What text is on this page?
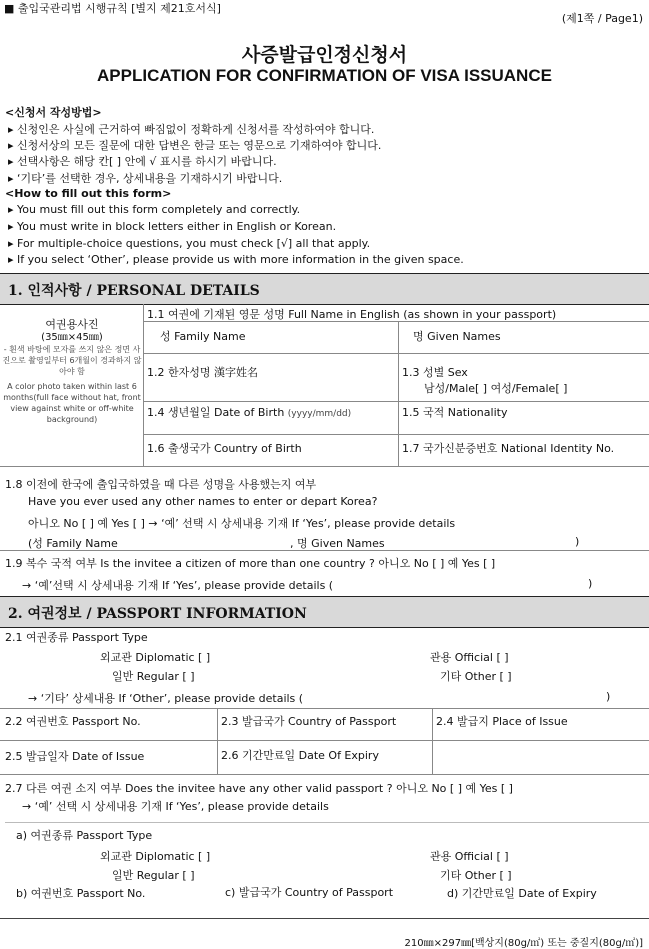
■ 출입국관리법 시행규칙 [별지 제21호서식]
(제1쪽 / Page1)
사증발급인정신청서
APPLICATION FOR CONFIRMATION OF VISA ISSUANCE
<신청서 작성방법>
▸ 신청인은 사실에 근거하여 빠짐없이 정확하게 신청서를 작성하여야 합니다.
▸ 신청서상의 모든 질문에 대한 답변은 한글 또는 영문으로 기재하여야 합니다.
▸ 선택사항은 해당 칸[ ] 안에 √ 표시를 하시기 바랍니다.
▸ ‘기타’를 선택한 경우, 상세내용을 기재하시기 바랍니다.
<How to fill out this form>
▸ You must fill out this form completely and correctly.
▸ You must write in block letters either in English or Korean.
▸ For multiple-choice questions, you must check [√] all that apply.
▸ If you select ‘Other’, please provide us with more information in the given space.
1. 인적사항 / PERSONAL DETAILS
여권용사진
(35㎜×45㎜)
- 흰색 바탕에 모자를 쓰지 않은 정면 사진으로 촬영일부터 6개월이 경과하지 않아야 함
A color photo taken within last 6 months(full face without hat, front view against white or off-white background)
1.1 여권에 기재된 영문 성명 Full Name in English (as shown in your passport)
성 Family Name	명 Given Names
1.2 한자성명 漢字姓名	1.3 성별 Sex
남성/Male[ ] 여성/Female[ ]
1.4 생년월일 Date of Birth (yyyy/mm/dd)	1.5 국적 Nationality
1.6 출생국가 Country of Birth	1.7 국가신분증번호 National Identity No.
1.8 이전에 한국에 출입국하였을 때 다른 성명을 사용했는지 여부
Have you ever used any other names to enter or depart Korea?
아니오 No [ ] 예 Yes [ ] → ‘예’ 선택 시 상세내용 기재 If ‘Yes’, please provide details
(성 Family Name	, 명 Given Names	)
1.9 복수 국적 여부 Is the invitee a citizen of more than one country ? 아니오 No [ ] 예 Yes [ ]
→ ‘예’선택 시 상세내용 기재 If ‘Yes’, please provide details (	)
2. 여권정보 / PASSPORT INFORMATION
2.1 여권종류 Passport Type
외교관 Diplomatic [ ]	관용 Official [ ]
일반 Regular [ ]	기타 Other [ ]
→ ‘기타’ 상세내용 If ‘Other’, please provide details (	)
2.2 여권번호 Passport No.	2.3 발급국가 Country of Passport	2.4 발급지 Place of Issue
2.5 발급일자 Date of Issue	2.6 기간만료일 Date Of Expiry
2.7 다른 여권 소지 여부 Does the invitee have any other valid passport ? 아니오 No [ ] 예 Yes [ ]
→ ‘예’ 선택 시 상세내용 기재 If ‘Yes’, please provide details
a) 여권종류 Passport Type
외교관 Diplomatic [ ]	관용 Official [ ]
일반 Regular [ ]	기타 Other [ ]
b) 여권번호 Passport No.	c) 발급국가 Country of Passport	d) 기간만료일 Date of Expiry
210㎜×297㎜[백상지(80g/㎡) 또는 중질지(80g/㎡)]
